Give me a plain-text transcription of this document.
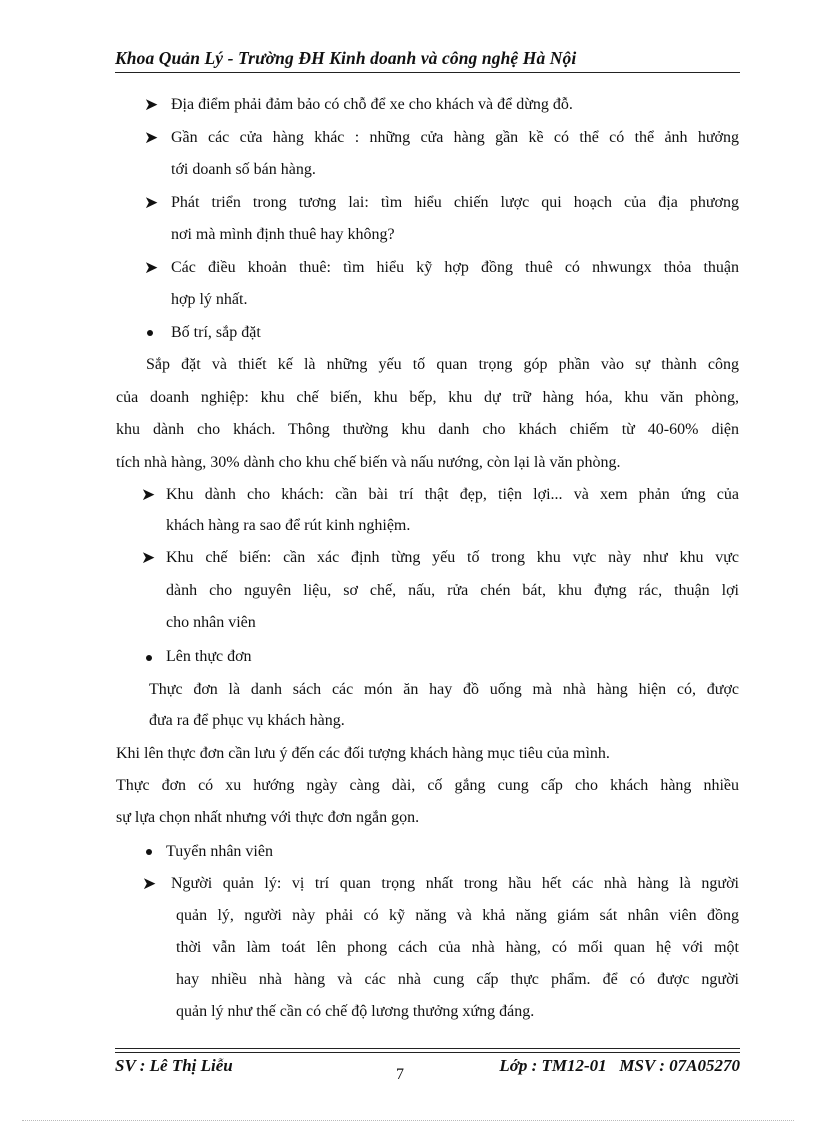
Khoa Quản Lý - Trường ĐH Kinh doanh và công nghệ Hà Nội
➤
➤
➤
➤
➤
➤
➤
Địa điểm phải đảm bảo có chỗ để xe cho khách và để dừng đỗ.
Gần các cửa hàng khác : những cửa hàng gần kề có thể có thể ảnh hưởng
tới doanh số bán hàng.
Phát triển trong tương lai: tìm hiểu chiến lược qui hoạch của địa phương
nơi mà mình định thuê hay không?
Các điều khoản thuê: tìm hiểu kỹ hợp đồng thuê có nhwungx thỏa thuận
hợp lý nhất.
Bố trí, sắp đặt
Sắp đặt và thiết kế là những yếu tố quan trọng góp phần vào sự thành công
của doanh nghiệp: khu chế biến, khu bếp, khu dự trữ hàng hóa, khu văn phòng,
khu dành cho khách. Thông thường khu danh cho khách chiếm từ 40-60% diện
tích nhà hàng, 30% dành cho khu chế biến và nấu nướng, còn lại là văn phòng.
Khu dành cho khách: cần bài trí thật đẹp, tiện lợi... và xem phản ứng của
khách hàng ra sao để rút kinh nghiệm.
Khu chế biến: cần xác định từng yếu tố trong khu vực này như khu vực
dành cho nguyên liệu, sơ chế, nấu, rửa chén bát, khu đựng rác, thuận lợi
cho nhân viên
Lên thực đơn
Thực đơn là danh sách các món ăn hay đồ uống mà nhà hàng hiện có, được
đưa ra để phục vụ khách hàng.
Khi lên thực đơn cần lưu ý đến các đối tượng khách hàng mục tiêu của mình.
Thực đơn có xu hướng ngày càng dài, cố gắng cung cấp cho khách hàng nhiều
sự lựa chọn nhất nhưng với thực đơn ngắn gọn.
Tuyển nhân viên
Người quản lý: vị trí quan trọng nhất trong hầu hết các nhà hàng là người
quản lý, người này phải có kỹ năng và khả năng giám sát nhân viên đồng
thời vẫn làm toát lên phong cách của nhà hàng, có mối quan hệ với một
hay nhiều nhà hàng và các nhà cung cấp thực phẩm. để có được người
quản lý như thế cần có chế độ lương thưởng xứng đáng.
SV : Lê Thị Liễu	Lớp : TM12-01   MSV : 07A05270
7
